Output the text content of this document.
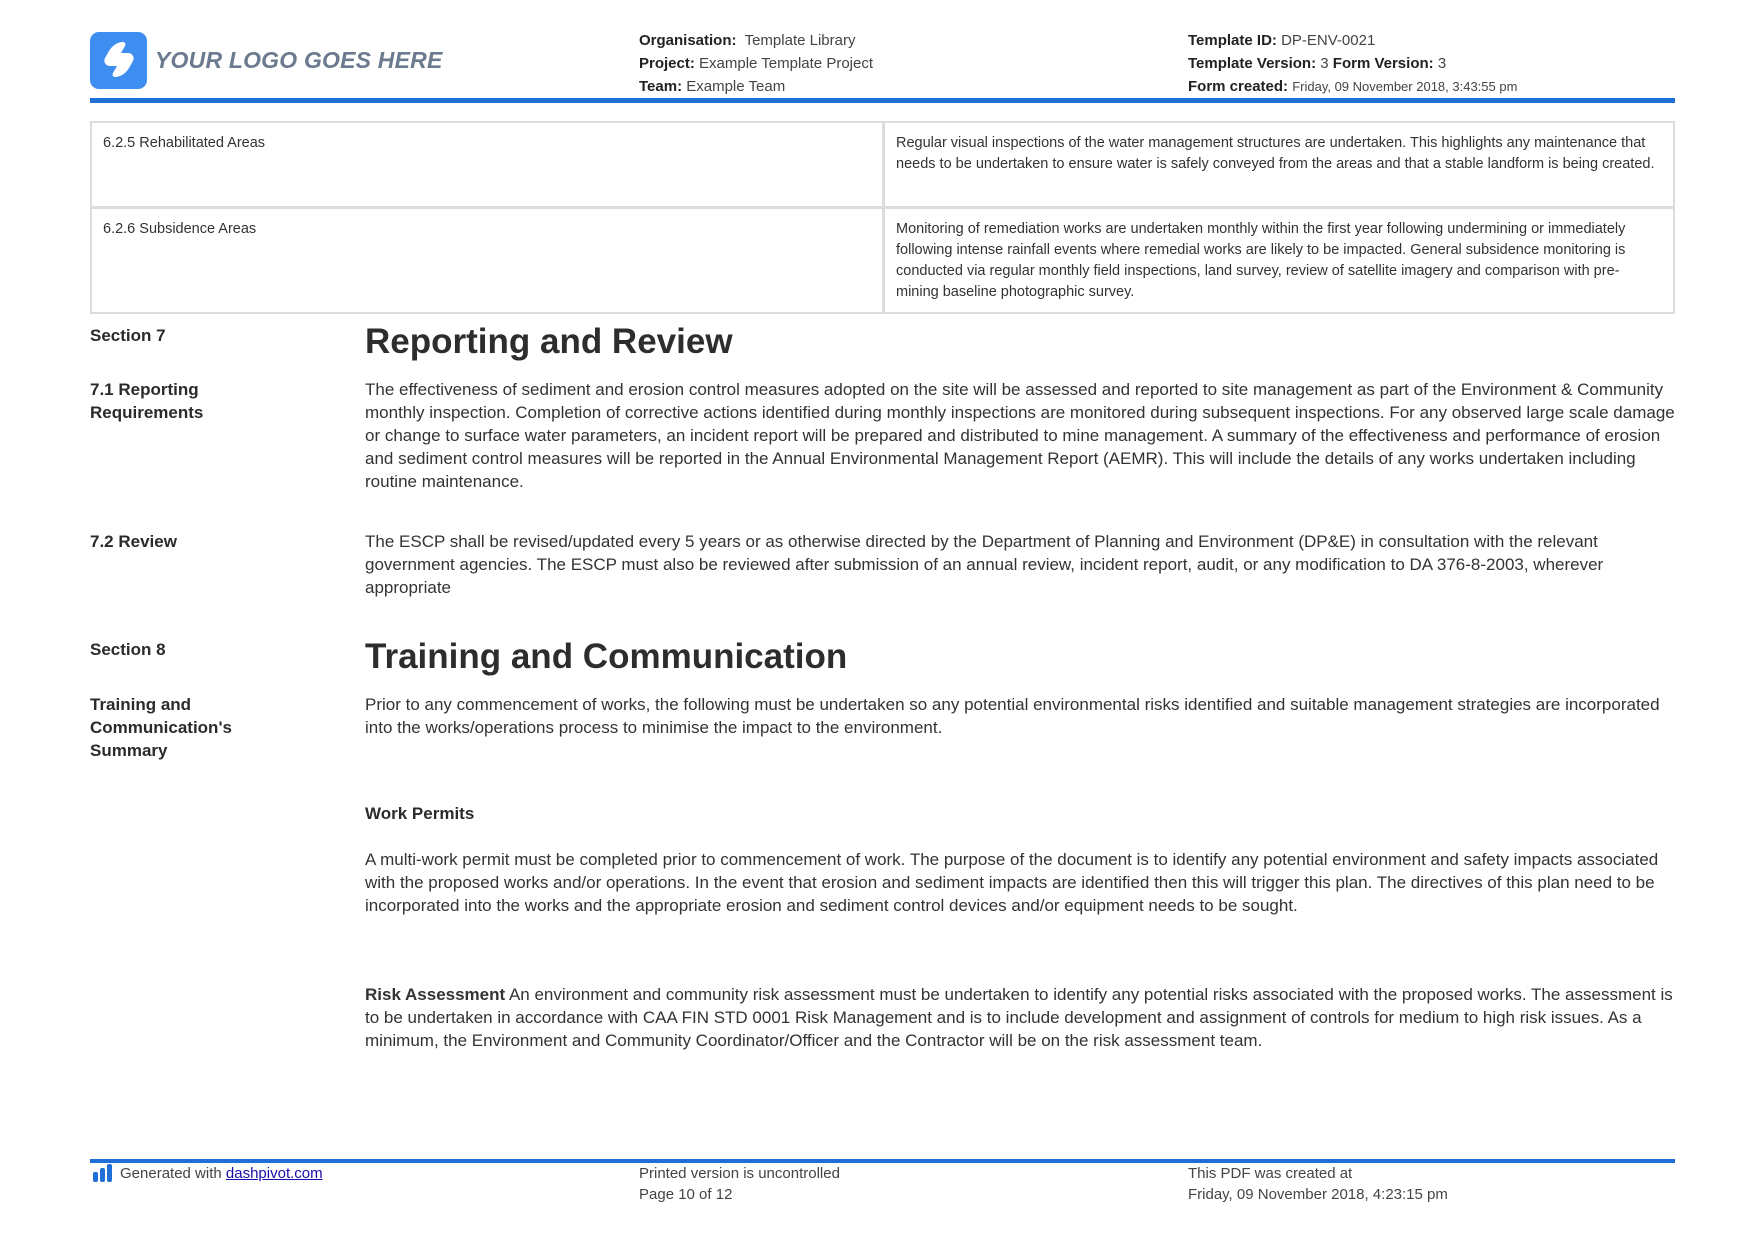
YOUR LOGO GOES HERE
Organisation: Template Library
Project: Example Template Project
Team: Example Team
Template ID: DP-ENV-0021
Template Version: 3 Form Version: 3
Form created: Friday, 09 November 2018, 3:43:55 pm
6.2.5 Rehabilitated Areas	Regular visual inspections of the water management structures are undertaken. This highlights any maintenance that needs to be undertaken to ensure water is safely conveyed from the areas and that a stable landform is being created.
6.2.6 Subsidence Areas	Monitoring of remediation works are undertaken monthly within the first year following undermining or immediately following intense rainfall events where remedial works are likely to be impacted. General subsidence monitoring is conducted via regular monthly field inspections, land survey, review of satellite imagery and comparison with pre-mining baseline photographic survey.
Section 7	Reporting and Review
7.1 Reporting Requirements
The effectiveness of sediment and erosion control measures adopted on the site will be assessed and reported to site management as part of the Environment & Community monthly inspection. Completion of corrective actions identified during monthly inspections are monitored during subsequent inspections. For any observed large scale damage or change to surface water parameters, an incident report will be prepared and distributed to mine management. A summary of the effectiveness and performance of erosion and sediment control measures will be reported in the Annual Environmental Management Report (AEMR). This will include the details of any works undertaken including routine maintenance.
7.2 Review	The ESCP shall be revised/updated every 5 years or as otherwise directed by the Department of Planning and Environment (DP&E) in consultation with the relevant government agencies. The ESCP must also be reviewed after submission of an annual review, incident report, audit, or any modification to DA 376-8-2003, wherever appropriate
Section 8	Training and Communication
Training and Communication's Summary
Prior to any commencement of works, the following must be undertaken so any potential environmental risks identified and suitable management strategies are incorporated into the works/operations process to minimise the impact to the environment.
Work Permits
A multi-work permit must be completed prior to commencement of work. The purpose of the document is to identify any potential environment and safety impacts associated with the proposed works and/or operations. In the event that erosion and sediment impacts are identified then this will trigger this plan. The directives of this plan need to be incorporated into the works and the appropriate erosion and sediment control devices and/or equipment needs to be sought.
Risk Assessment An environment and community risk assessment must be undertaken to identify any potential risks associated with the proposed works. The assessment is to be undertaken in accordance with CAA FIN STD 0001 Risk Management and is to include development and assignment of controls for medium to high risk issues. As a minimum, the Environment and Community Coordinator/Officer and the Contractor will be on the risk assessment team.
Generated with dashpivot.com	Printed version is uncontrolled
Page 10 of 12
This PDF was created at
Friday, 09 November 2018, 4:23:15 pm
